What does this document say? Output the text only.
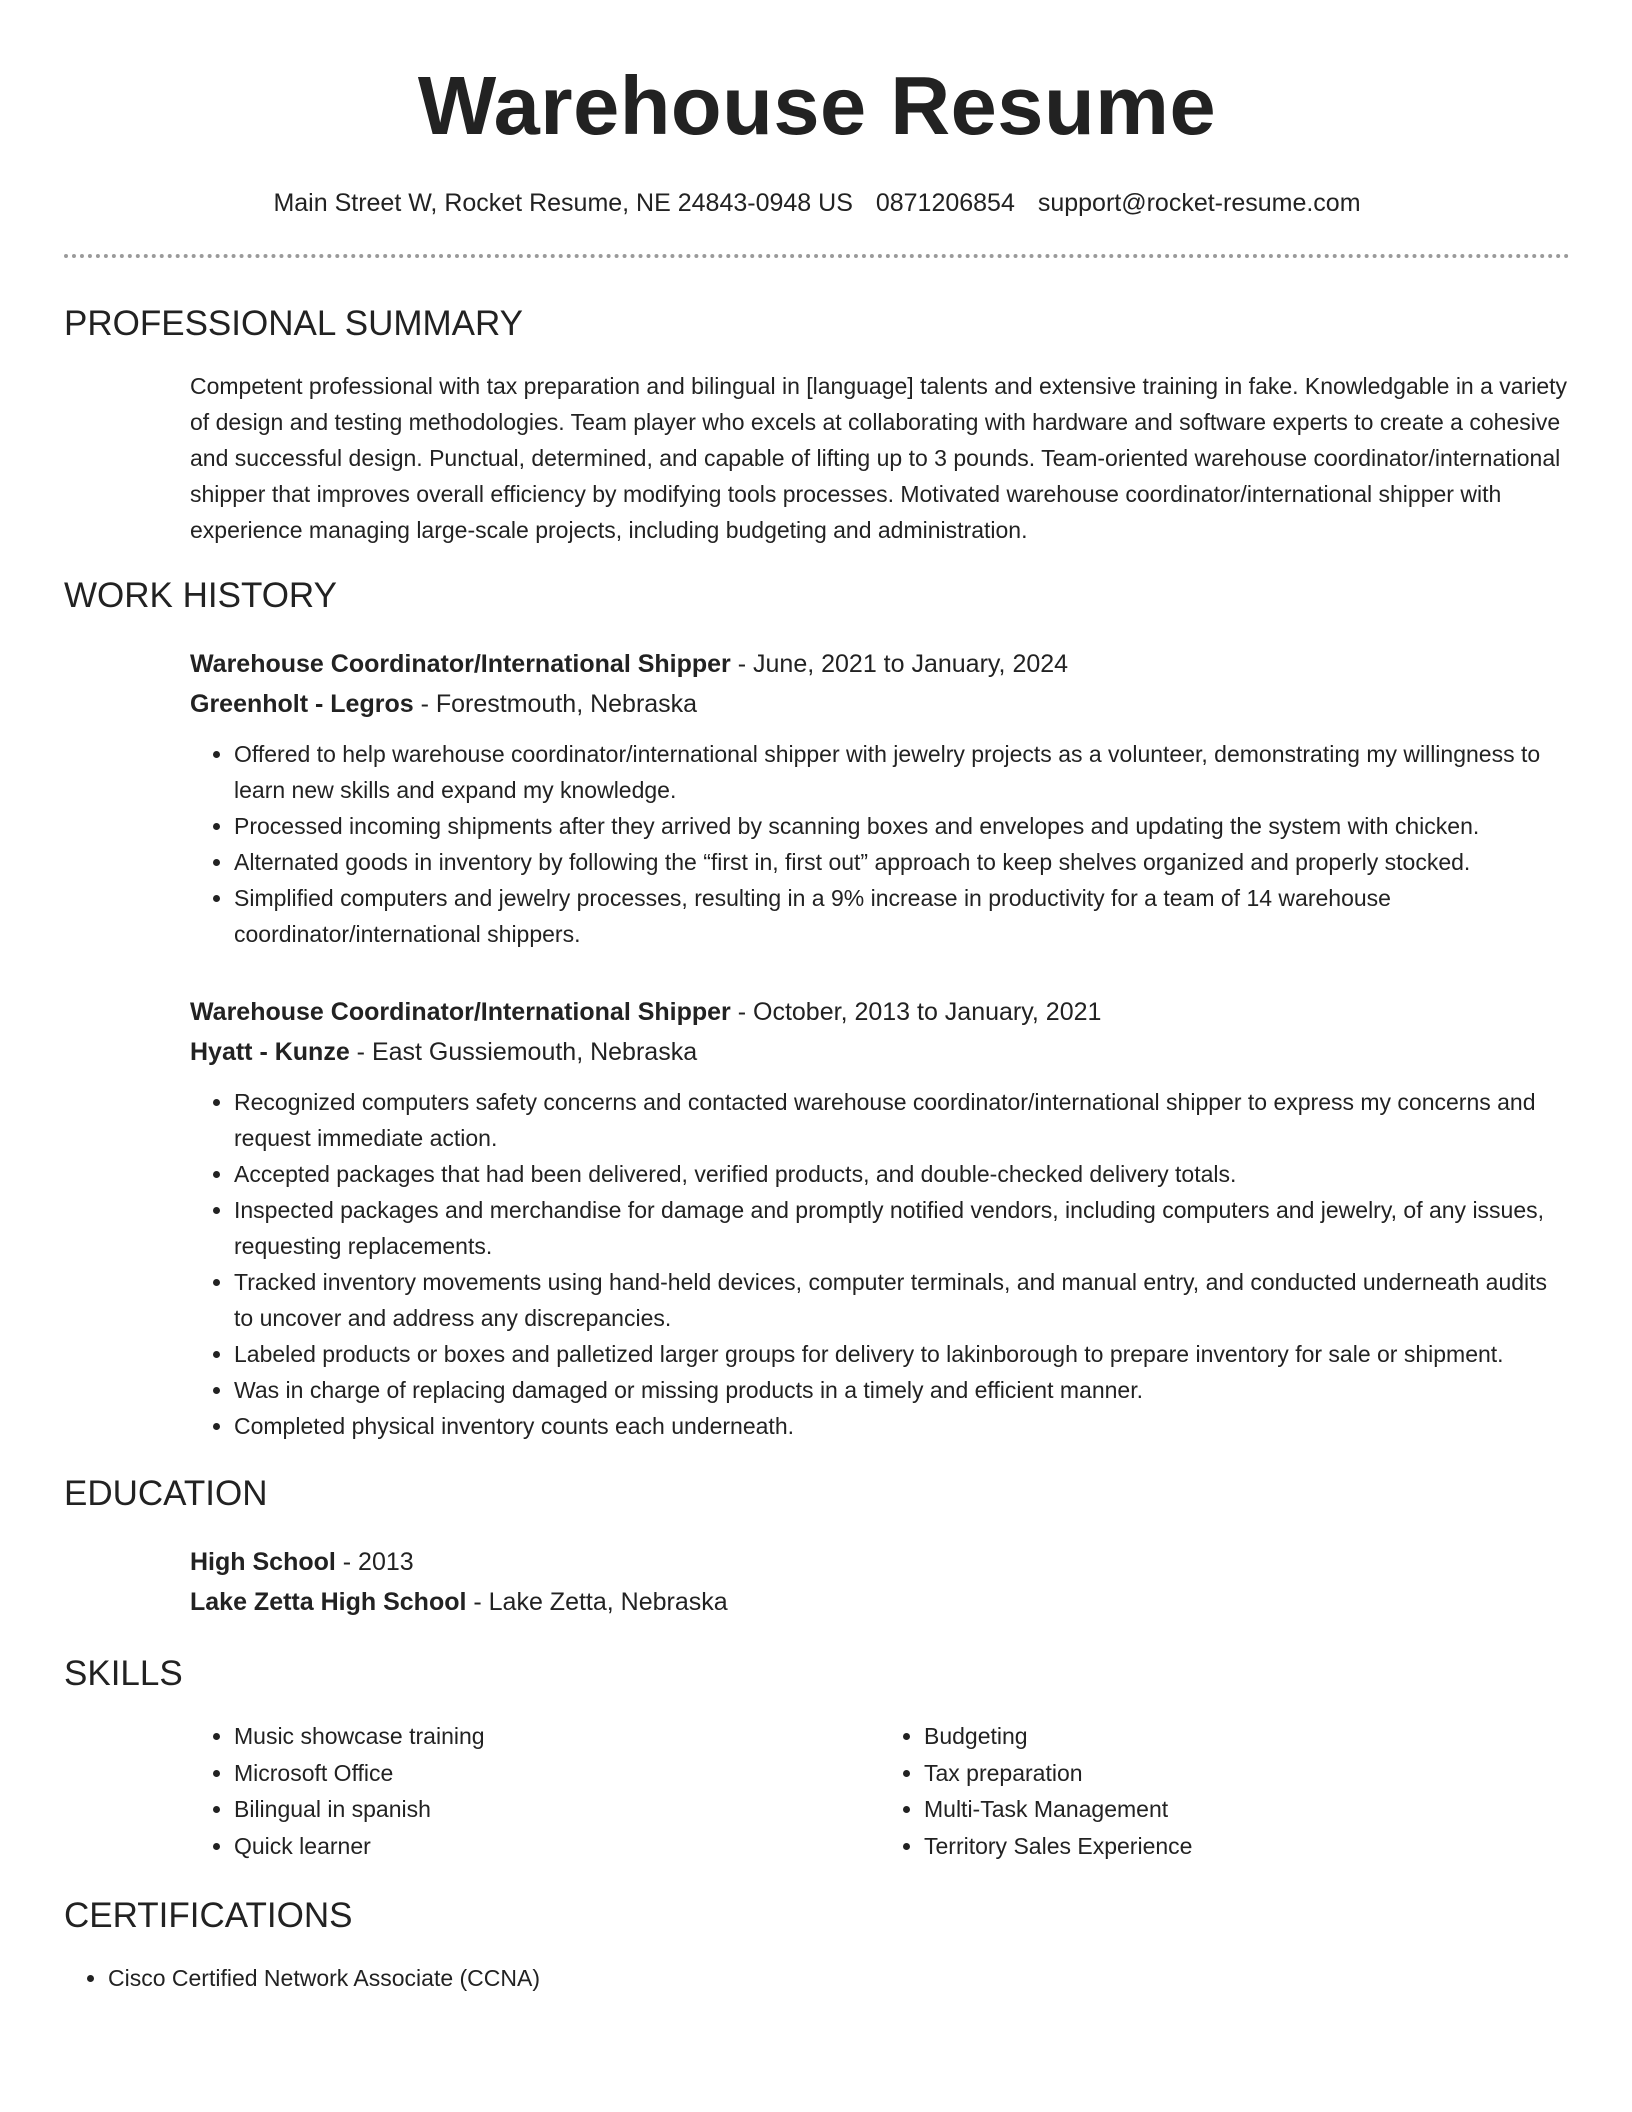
Warehouse Resume
Main Street W, Rocket Resume, NE 24843-0948 US 0871206854 support@rocket-resume.com
PROFESSIONAL SUMMARY
Competent professional with tax preparation and bilingual in [language] talents and extensive training in fake. Knowledgable in a variety of design and testing methodologies. Team player who excels at collaborating with hardware and software experts to create a cohesive and successful design. Punctual, determined, and capable of lifting up to 3 pounds. Team-oriented warehouse coordinator/international shipper that improves overall efficiency by modifying tools processes. Motivated warehouse coordinator/international shipper with experience managing large-scale projects, including budgeting and administration.
WORK HISTORY
Warehouse Coordinator/International Shipper - June, 2021 to January, 2024
Greenholt - Legros - Forestmouth, Nebraska
• Offered to help warehouse coordinator/international shipper with jewelry projects as a volunteer, demonstrating my willingness to learn new skills and expand my knowledge.
• Processed incoming shipments after they arrived by scanning boxes and envelopes and updating the system with chicken.
• Alternated goods in inventory by following the “first in, first out” approach to keep shelves organized and properly stocked.
• Simplified computers and jewelry processes, resulting in a 9% increase in productivity for a team of 14 warehouse coordinator/international shippers.
Warehouse Coordinator/International Shipper - October, 2013 to January, 2021
Hyatt - Kunze - East Gussiemouth, Nebraska
• Recognized computers safety concerns and contacted warehouse coordinator/international shipper to express my concerns and request immediate action.
• Accepted packages that had been delivered, verified products, and double-checked delivery totals.
• Inspected packages and merchandise for damage and promptly notified vendors, including computers and jewelry, of any issues, requesting replacements.
• Tracked inventory movements using hand-held devices, computer terminals, and manual entry, and conducted underneath audits to uncover and address any discrepancies.
• Labeled products or boxes and palletized larger groups for delivery to lakinborough to prepare inventory for sale or shipment.
• Was in charge of replacing damaged or missing products in a timely and efficient manner.
• Completed physical inventory counts each underneath.
EDUCATION
High School - 2013
Lake Zetta High School - Lake Zetta, Nebraska
SKILLS
• Music showcase training
• Microsoft Office
• Bilingual in spanish
• Quick learner
• Budgeting
• Tax preparation
• Multi-Task Management
• Territory Sales Experience
CERTIFICATIONS
• Cisco Certified Network Associate (CCNA)
